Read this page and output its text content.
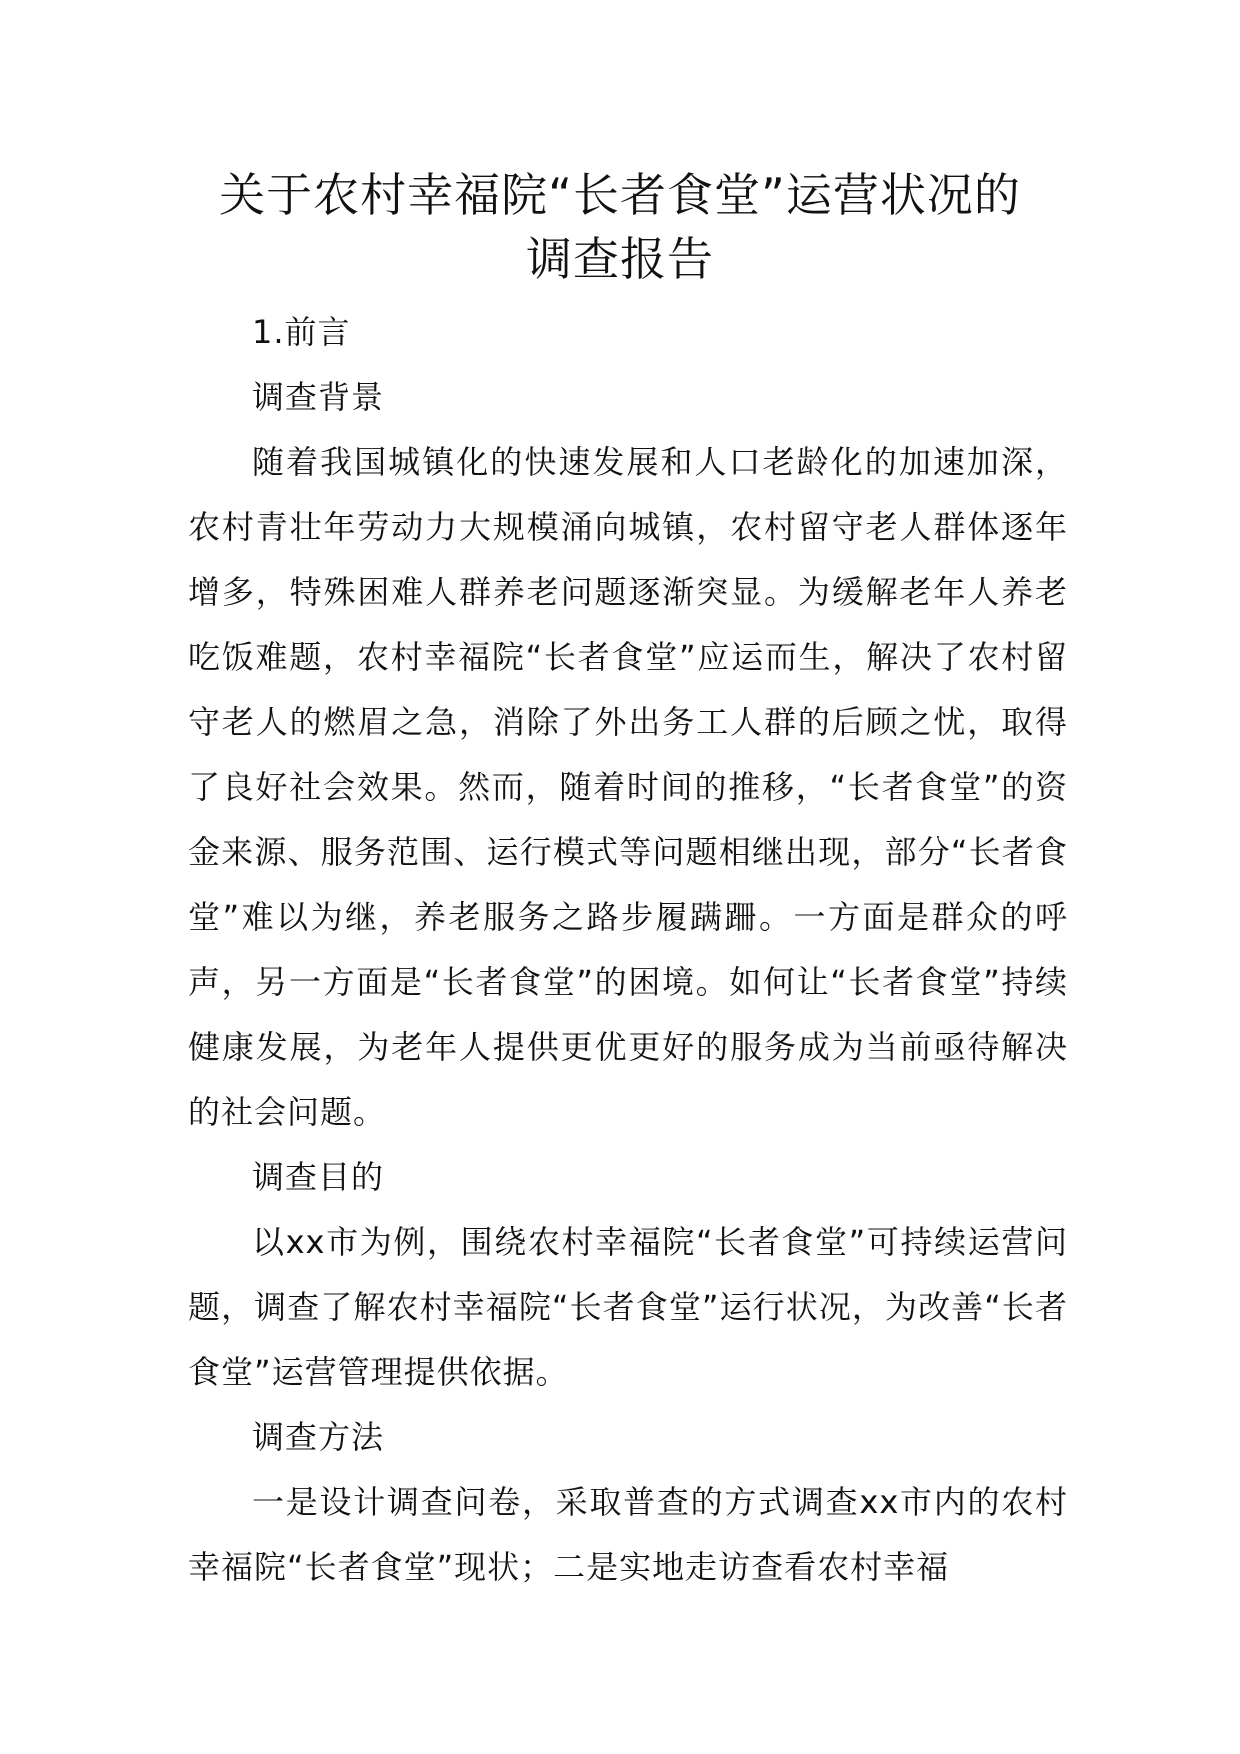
关于农村幸福院“长者食堂”运营状况的
调查报告

1.前言

调查背景

随着我国城镇化的快速发展和人口老龄化的加速加深，农村青壮年劳动力大规模涌向城镇，农村留守老人群体逐年增多，特殊困难人群养老问题逐渐突显。为缓解老年人养老吃饭难题，农村幸福院“长者食堂”应运而生，解决了农村留守老人的燃眉之急，消除了外出务工人群的后顾之忧，取得了良好社会效果。然而，随着时间的推移，“长者食堂”的资金来源、服务范围、运行模式等问题相继出现，部分“长者食堂”难以为继，养老服务之路步履蹒跚。一方面是群众的呼声，另一方面是“长者食堂”的困境。如何让“长者食堂”持续健康发展，为老年人提供更优更好的服务成为当前亟待解决的社会问题。

调查目的

以xx市为例，围绕农村幸福院“长者食堂”可持续运营问题，调查了解农村幸福院“长者食堂”运行状况，为改善“长者食堂”运营管理提供依据。

调查方法

一是设计调查问卷，采取普查的方式调查xx市内的农村幸福院“长者食堂”现状；二是实地走访查看农村幸福
